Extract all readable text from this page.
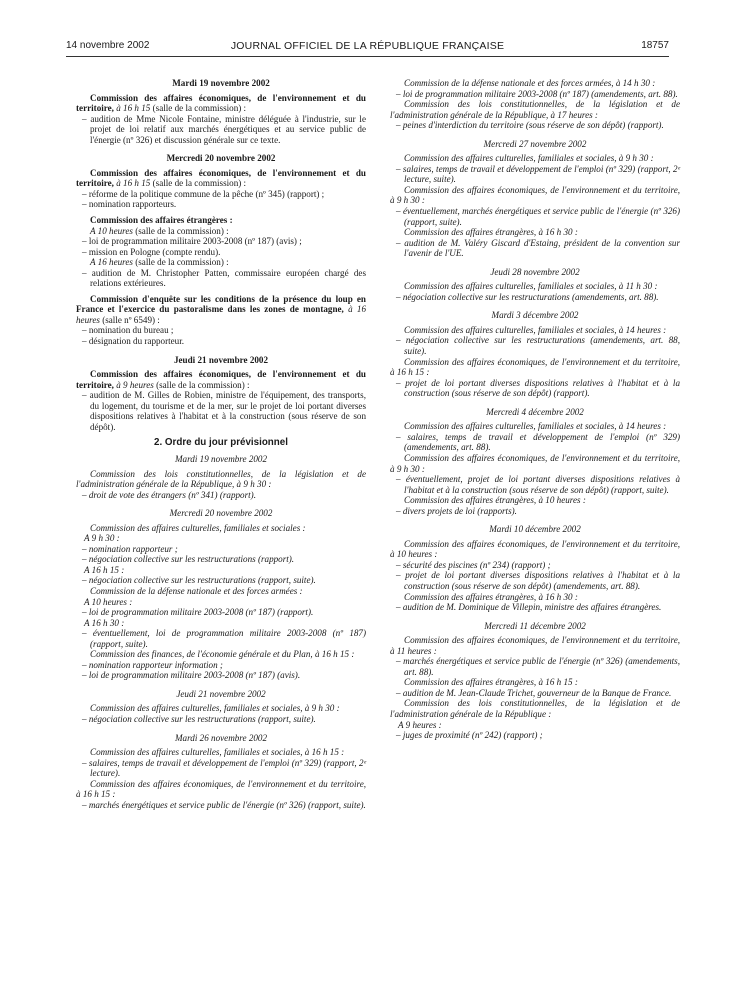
14 novembre 2002	JOURNAL OFFICIEL DE LA RÉPUBLIQUE FRANÇAISE	18757

Mardi 19 novembre 2002

Commission des affaires économiques, de l'environnement et du territoire, à 16 h 15 (salle de la commission) :

– audition de Mme Nicole Fontaine, ministre déléguée à l'industrie, sur le projet de loi relatif aux marchés énergétiques et au service public de l'énergie (nº 326) et discussion générale sur ce texte.

Mercredi 20 novembre 2002

Commission des affaires économiques, de l'environnement et du territoire, à 16 h 15 (salle de la commission) :

– réforme de la politique commune de la pêche (nº 345) (rapport) ;

– nomination rapporteurs.

Commission des affaires étrangères :

A 10 heures (salle de la commission) :

– loi de programmation militaire 2003-2008 (nº 187) (avis) ;

– mission en Pologne (compte rendu).

A 16 heures (salle de la commission) :

– audition de M. Christopher Patten, commissaire européen chargé des relations extérieures.

Commission d'enquête sur les conditions de la présence du loup en France et l'exercice du pastoralisme dans les zones de montagne, à 16 heures (salle nº 6549) :

– nomination du bureau ;

– désignation du rapporteur.

Jeudi 21 novembre 2002

Commission des affaires économiques, de l'environnement et du territoire, à 9 heures (salle de la commission) :

– audition de M. Gilles de Robien, ministre de l'équipement, des transports, du logement, du tourisme et de la mer, sur le projet de loi portant diverses dispositions relatives à l'habitat et à la construction (sous réserve de son dépôt).

2. Ordre du jour prévisionnel

Mardi 19 novembre 2002

Commission des lois constitutionnelles, de la législation et de l'administration générale de la République, à 9 h 30 :

– droit de vote des étrangers (nº 341) (rapport).

Mercredi 20 novembre 2002

Commission des affaires culturelles, familiales et sociales :

A 9 h 30 :

– nomination rapporteur ;

– négociation collective sur les restructurations (rapport).

A 16 h 15 :

– négociation collective sur les restructurations (rapport, suite).

Commission de la défense nationale et des forces armées :

A 10 heures :

– loi de programmation militaire 2003-2008 (nº 187) (rapport).

A 16 h 30 :

– éventuellement, loi de programmation militaire 2003-2008 (nº 187) (rapport, suite).

Commission des finances, de l'économie générale et du Plan, à 16 h 15 :

– nomination rapporteur information ;

– loi de programmation militaire 2003-2008 (nº 187) (avis).

Jeudi 21 novembre 2002

Commission des affaires culturelles, familiales et sociales, à 9 h 30 :

– négociation collective sur les restructurations (rapport, suite).

Mardi 26 novembre 2002

Commission des affaires culturelles, familiales et sociales, à 16 h 15 :

– salaires, temps de travail et développement de l'emploi (nº 329) (rapport, 2ᵉ lecture).

Commission des affaires économiques, de l'environnement et du territoire, à 16 h 15 :

– marchés énergétiques et service public de l'énergie (nº 326) (rapport, suite).

Commission de la défense nationale et des forces armées, à 14 h 30 :

– loi de programmation militaire 2003-2008 (nº 187) (amendements, art. 88).

Commission des lois constitutionnelles, de la législation et de l'administration générale de la République, à 17 heures :

– peines d'interdiction du territoire (sous réserve de son dépôt) (rapport).

Mercredi 27 novembre 2002

Commission des affaires culturelles, familiales et sociales, à 9 h 30 :

– salaires, temps de travail et développement de l'emploi (nº 329) (rapport, 2ᵉ lecture, suite).

Commission des affaires économiques, de l'environnement et du territoire, à 9 h 30 :

– éventuellement, marchés énergétiques et service public de l'énergie (nº 326) (rapport, suite).

Commission des affaires étrangères, à 16 h 30 :

– audition de M. Valéry Giscard d'Estaing, président de la convention sur l'avenir de l'UE.

Jeudi 28 novembre 2002

Commission des affaires culturelles, familiales et sociales, à 11 h 30 :

– négociation collective sur les restructurations (amendements, art. 88).

Mardi 3 décembre 2002

Commission des affaires culturelles, familiales et sociales, à 14 heures :

– négociation collective sur les restructurations (amendements, art. 88, suite).

Commission des affaires économiques, de l'environnement et du territoire, à 16 h 15 :

– projet de loi portant diverses dispositions relatives à l'habitat et à la construction (sous réserve de son dépôt) (rapport).

Mercredi 4 décembre 2002

Commission des affaires culturelles, familiales et sociales, à 14 heures :

– salaires, temps de travail et développement de l'emploi (nº 329) (amendements, art. 88).

Commission des affaires économiques, de l'environnement et du territoire, à 9 h 30 :

– éventuellement, projet de loi portant diverses dispositions relatives à l'habitat et à la construction (sous réserve de son dépôt) (rapport, suite).

Commission des affaires étrangères, à 10 heures :

– divers projets de loi (rapports).

Mardi 10 décembre 2002

Commission des affaires économiques, de l'environnement et du territoire, à 10 heures :

– sécurité des piscines (nº 234) (rapport) ;

– projet de loi portant diverses dispositions relatives à l'habitat et à la construction (sous réserve de son dépôt) (amendements, art. 88).

Commission des affaires étrangères, à 16 h 30 :

– audition de M. Dominique de Villepin, ministre des affaires étrangères.

Mercredi 11 décembre 2002

Commission des affaires économiques, de l'environnement et du territoire, à 11 heures :

– marchés énergétiques et service public de l'énergie (nº 326) (amendements, art. 88).

Commission des affaires étrangères, à 16 h 15 :

– audition de M. Jean-Claude Trichet, gouverneur de la Banque de France.

Commission des lois constitutionnelles, de la législation et de l'administration générale de la République :

A 9 heures :

– juges de proximité (nº 242) (rapport) ;
